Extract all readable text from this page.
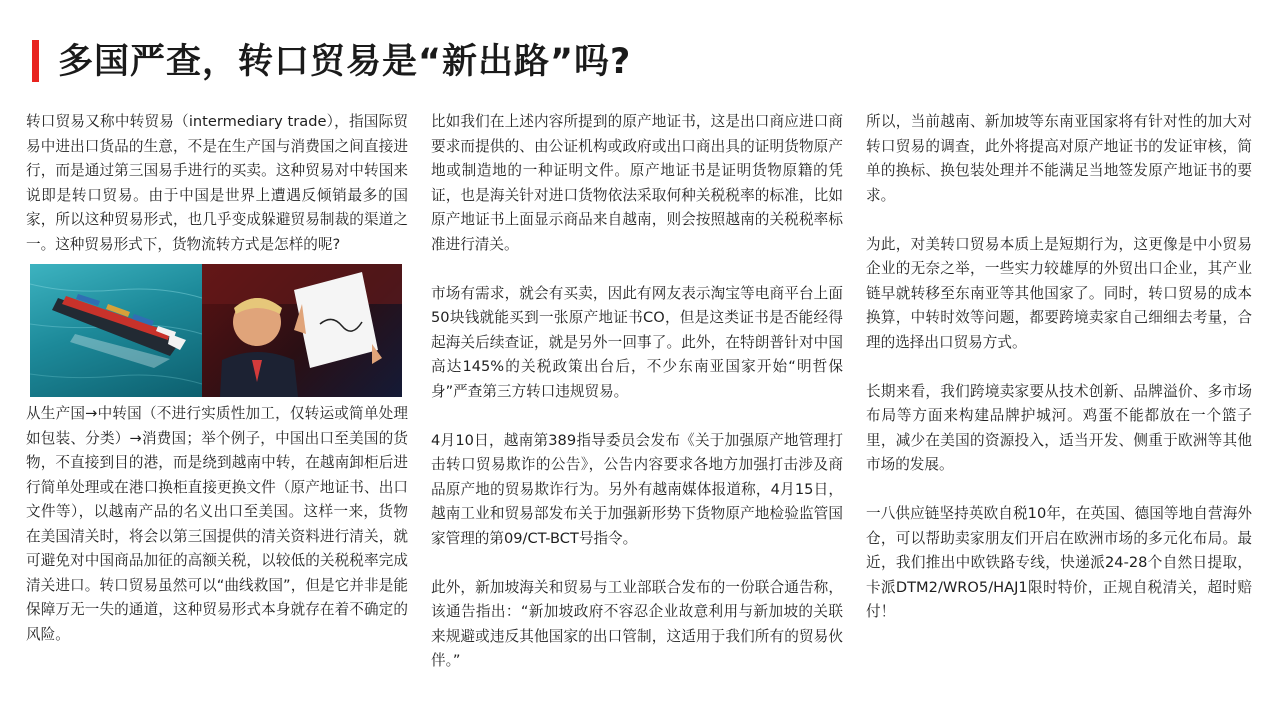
多国严查，转口贸易是“新出路”吗?

转口贸易又称中转贸易（intermediary trade），指国际贸易中进出口货品的生意，不是在生产国与消费国之间直接进行，而是通过第三国易手进行的买卖。这种贸易对中转国来说即是转口贸易。由于中国是世界上遭遇反倾销最多的国家，所以这种贸易形式，也几乎变成躲避贸易制裁的渠道之一。这种贸易形式下，货物流转方式是怎样的呢?

从生产国→中转国（不进行实质性加工，仅转运或简单处理如包装、分类）→消费国；举个例子，中国出口至美国的货物，不直接到目的港，而是绕到越南中转，在越南卸柜后进行简单处理或在港口换柜直接更换文件（原产地证书、出口文件等），以越南产品的名义出口至美国。这样一来，货物在美国清关时，将会以第三国提供的清关资料进行清关，就可避免对中国商品加征的高额关税，以较低的关税税率完成清关进口。转口贸易虽然可以“曲线救国”，但是它并非是能保障万无一失的通道，这种贸易形式本身就存在着不确定的风险。

比如我们在上述内容所提到的原产地证书，这是出口商应进口商要求而提供的、由公证机构或政府或出口商出具的证明货物原产地或制造地的一种证明文件。原产地证书是证明货物原籍的凭证，也是海关针对进口货物依法采取何种关税税率的标准，比如原产地证书上面显示商品来自越南，则会按照越南的关税税率标准进行清关。

市场有需求，就会有买卖，因此有网友表示淘宝等电商平台上面50块钱就能买到一张原产地证书CO，但是这类证书是否能经得起海关后续查证，就是另外一回事了。此外，在特朗普针对中国高达145%的关税政策出台后，不少东南亚国家开始“明哲保身”严查第三方转口违规贸易。

4月10日，越南第389指导委员会发布《关于加强原产地管理打击转口贸易欺诈的公告》，公告内容要求各地方加强打击涉及商品原产地的贸易欺诈行为。另外有越南媒体报道称，4月15日，越南工业和贸易部发布关于加强新形势下货物原产地检验监管国家管理的第09/CT-BCT号指令。

此外，新加坡海关和贸易与工业部联合发布的一份联合通告称，该通告指出：“新加坡政府不容忍企业故意利用与新加坡的关联来规避或违反其他国家的出口管制，这适用于我们所有的贸易伙伴。”

所以，当前越南、新加坡等东南亚国家将有针对性的加大对转口贸易的调查，此外将提高对原产地证书的发证审核，简单的换标、换包装处理并不能满足当地签发原产地证书的要求。

为此，对美转口贸易本质上是短期行为，这更像是中小贸易企业的无奈之举，一些实力较雄厚的外贸出口企业，其产业链早就转移至东南亚等其他国家了。同时，转口贸易的成本换算，中转时效等问题，都要跨境卖家自己细细去考量，合理的选择出口贸易方式。

长期来看，我们跨境卖家要从技术创新、品牌溢价、多市场布局等方面来构建品牌护城河。鸡蛋不能都放在一个篮子里，减少在美国的资源投入，适当开发、侧重于欧洲等其他市场的发展。

一八供应链坚持英欧自税10年，在英国、德国等地自营海外仓，可以帮助卖家朋友们开启在欧洲市场的多元化布局。最近，我们推出中欧铁路专线，快递派24-28个自然日提取，卡派DTM2/WRO5/HAJ1限时特价，正规自税清关，超时赔付！
